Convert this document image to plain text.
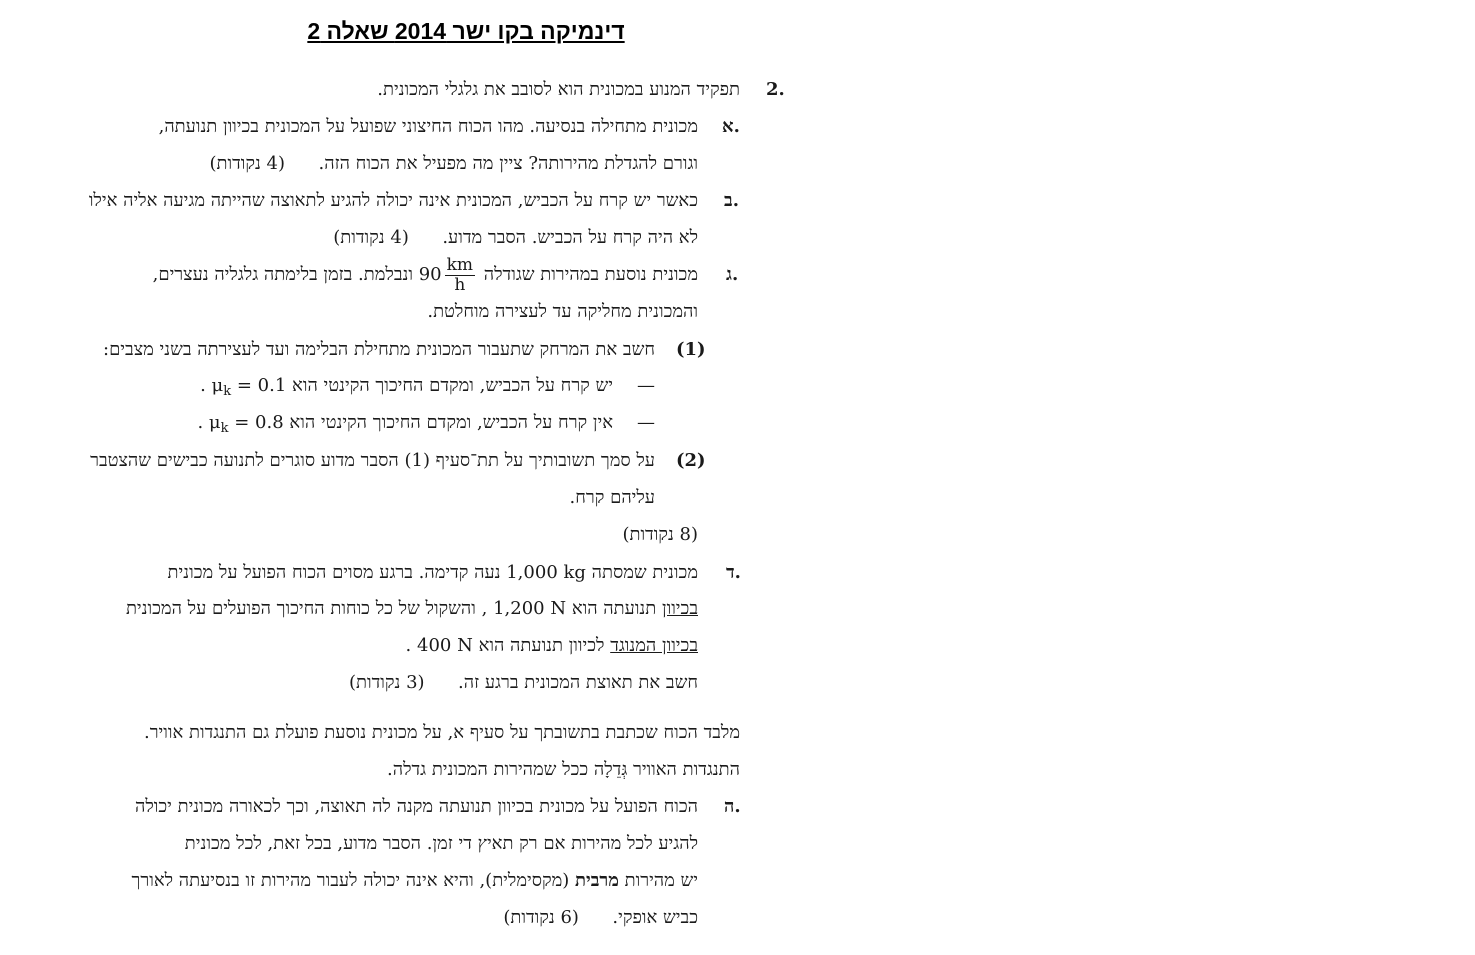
דינמיקה בקו ישר 2014 שאלה 2
2.
תפקיד המנוע במכונית הוא לסובב את גלגלי המכונית.
א.
מכונית מתחילה בנסיעה. מהו הכוח החיצוני שפועל על המכונית בכיוון תנועתה,
וגורם להגדלת מהירותה? ציין מה מפעיל את הכוח הזה.  (4 נקודות)
ב.
כאשר יש קרח על הכביש, המכונית אינה יכולה להגיע לתאוצה שהייתה מגיעה אליה אילו
לא היה קרח על הכביש. הסבר מדוע.  (4 נקודות)
ג.
מכונית נוסעת במהירות שגודלה $90 \frac{km}{h}$
ונבלמת. בזמן בלימתה גלגליה נעצרים,
והמכונית מחליקה עד לעצירה מוחלטת.
(1)
חשב את המרחק שתעבור המכונית מתחילת הבלימה ועד לעצירתה בשני מצבים:
—
יש קרח על הכביש, ומקדם החיכוך הקינטי הוא $\mu_k = 0.1$ .
—
אין קרח על הכביש, ומקדם החיכוך הקינטי הוא $\mu_k = 0.8$ .
(2)
על סמך תשובותיך על תת־סעיף (1) הסבר מדוע סוגרים לתנועה כבישים שהצטבר
עליהם קרח.
(8 נקודות)
ד.
מכונית שמסתה 1,000 kg נעה קדימה. ברגע מסוים הכוח הפועל על מכונית
בכיוון תנועתה הוא 1,200 N , והשקול של כל כוחות החיכוך הפועלים על המכונית
בכיוון המנוגד לכיוון תנועתה הוא 400 N .
חשב את תאוצת המכונית ברגע זה.  (3 נקודות)
מלבד הכוח שכתבת בתשובתך על סעיף א, על מכונית נוסעת פועלת גם התנגדות אוויר.
התנגדות האוויר גְּדֵלָה ככל שמהירות המכונית גדלה.
ה.
הכוח הפועל על מכונית בכיוון תנועתה מקנה לה תאוצה, וכך לכאורה מכונית יכולה
להגיע לכל מהירות אם רק תאיץ די זמן. הסבר מדוע, בכל זאת, לכל מכונית
יש מהירות מרבית (מקסימלית), והיא אינה יכולה לעבור מהירות זו בנסיעתה לאורך
כביש אופקי.  (6 נקודות)
